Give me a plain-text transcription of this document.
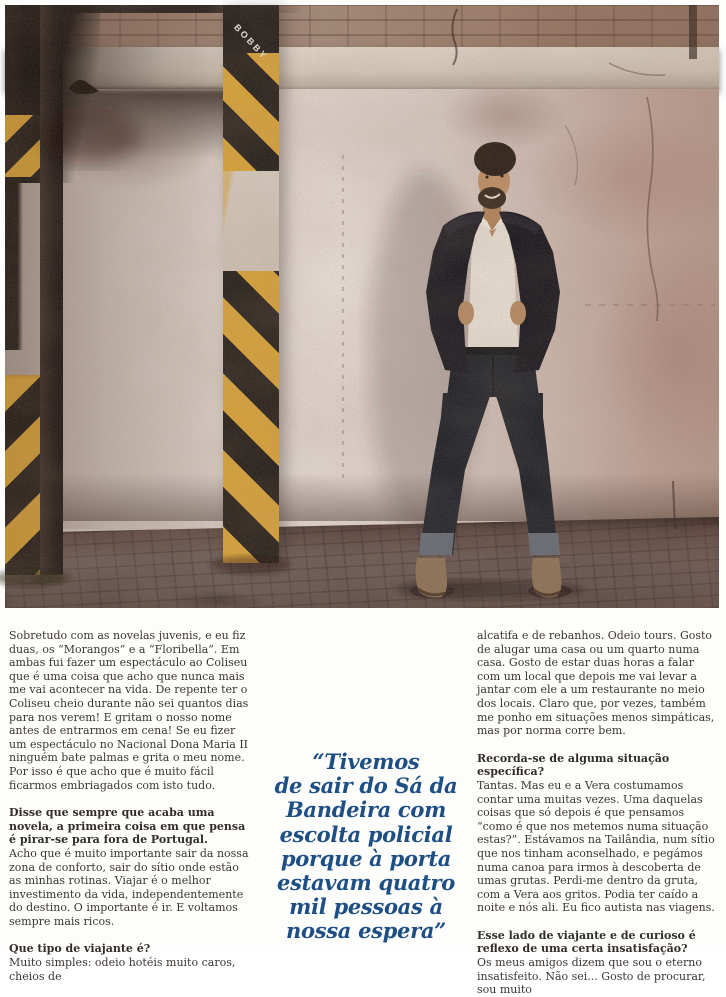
Sobretudo com as novelas juvenis, e eu fiz duas, os “Morangos” e a “Floribella”. Em ambas fui fazer um espectáculo ao Coliseu que é uma coisa que acho que nunca mais me vai acontecer na vida. De repente ter o Coliseu cheio durante não sei quantos dias para nos verem! E gritam o nosso nome antes de entrarmos em cena! Se eu fizer um espectáculo no Nacional Dona Maria II ninguém bate palmas e grita o meu nome. Por isso é que acho que é muito fácil ficarmos embriagados com isto tudo.

Disse que sempre que acaba uma novela, a primeira coisa em que pensa é pirar-se para fora de Portugal.

Acho que é muito importante sair da nossa zona de conforto, sair do sítio onde estão as minhas rotinas. Viajar é o melhor investimento da vida, independentemente do destino. O importante é ir. E voltamos sempre mais ricos.

Que tipo de viajante é?

Muito simples: odeio hotéis muito caros, cheios de

“Tivemos
de sair do Sá da
Bandeira com
escolta policial
porque à porta
estavam quatro
mil pessoas à
nossa espera”

alcatifa e de rebanhos. Odeio tours. Gosto de alugar uma casa ou um quarto numa casa. Gosto de estar duas horas a falar com um local que depois me vai levar a jantar com ele a um restaurante no meio dos locais. Claro que, por vezes, também me ponho em situações menos simpáticas, mas por norma corre bem.

Recorda-se de alguma situação específica?

Tantas. Mas eu e a Vera costumamos contar uma muitas vezes. Uma daquelas coisas que só depois é que pensamos “como é que nos metemos numa situação estas?”. Estávamos na Tailândia, num sítio que nos tinham aconselhado, e pegámos numa canoa para irmos à descoberta de umas grutas. Perdi-me dentro da gruta, com a Vera aos gritos. Podia ter caído a noite e nós ali. Eu fico autista nas viagens.

Esse lado de viajante e de curioso é reflexo de uma certa insatisfação?

Os meus amigos dizem que sou o eterno insatisfeito. Não sei... Gosto de procurar, sou muito
